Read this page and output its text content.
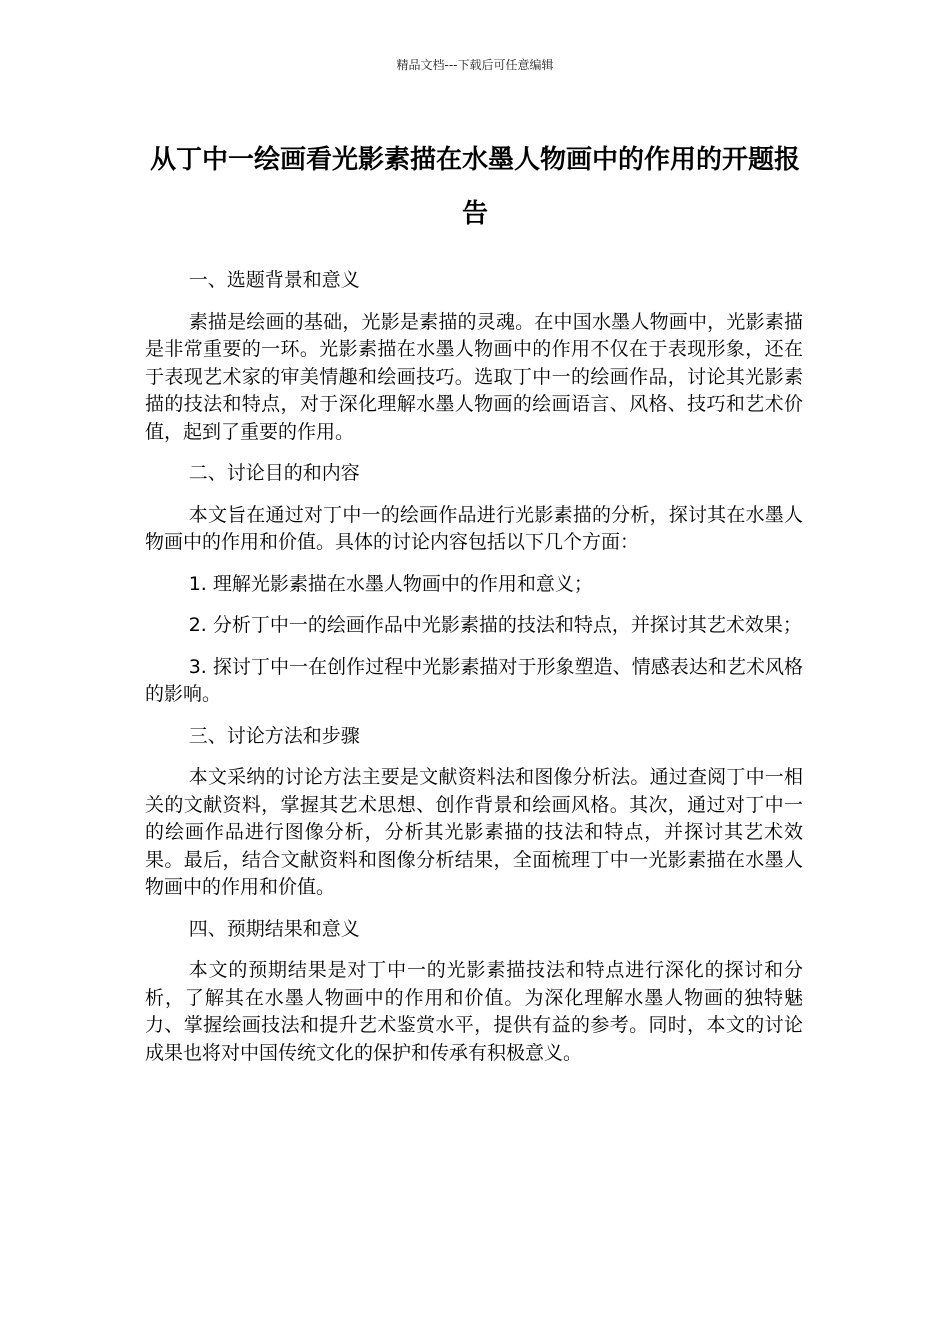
精品文档---下载后可任意编辑
从丁中一绘画看光影素描在水墨人物画中的作用的开题报告

一、选题背景和意义

素描是绘画的基础，光影是素描的灵魂。在中国水墨人物画中，光影素描是非常重要的一环。光影素描在水墨人物画中的作用不仅在于表现形象，还在于表现艺术家的审美情趣和绘画技巧。选取丁中一的绘画作品，讨论其光影素描的技法和特点，对于深化理解水墨人物画的绘画语言、风格、技巧和艺术价值，起到了重要的作用。

二、讨论目的和内容

本文旨在通过对丁中一的绘画作品进行光影素描的分析，探讨其在水墨人物画中的作用和价值。具体的讨论内容包括以下几个方面：

1. 理解光影素描在水墨人物画中的作用和意义；

2. 分析丁中一的绘画作品中光影素描的技法和特点，并探讨其艺术效果；

3. 探讨丁中一在创作过程中光影素描对于形象塑造、情感表达和艺术风格的影响。

三、讨论方法和步骤

本文采纳的讨论方法主要是文献资料法和图像分析法。通过查阅丁中一相关的文献资料，掌握其艺术思想、创作背景和绘画风格。其次，通过对丁中一的绘画作品进行图像分析，分析其光影素描的技法和特点，并探讨其艺术效果。最后，结合文献资料和图像分析结果，全面梳理丁中一光影素描在水墨人物画中的作用和价值。

四、预期结果和意义

本文的预期结果是对丁中一的光影素描技法和特点进行深化的探讨和分析，了解其在水墨人物画中的作用和价值。为深化理解水墨人物画的独特魅力、掌握绘画技法和提升艺术鉴赏水平，提供有益的参考。同时，本文的讨论成果也将对中国传统文化的保护和传承有积极意义。
